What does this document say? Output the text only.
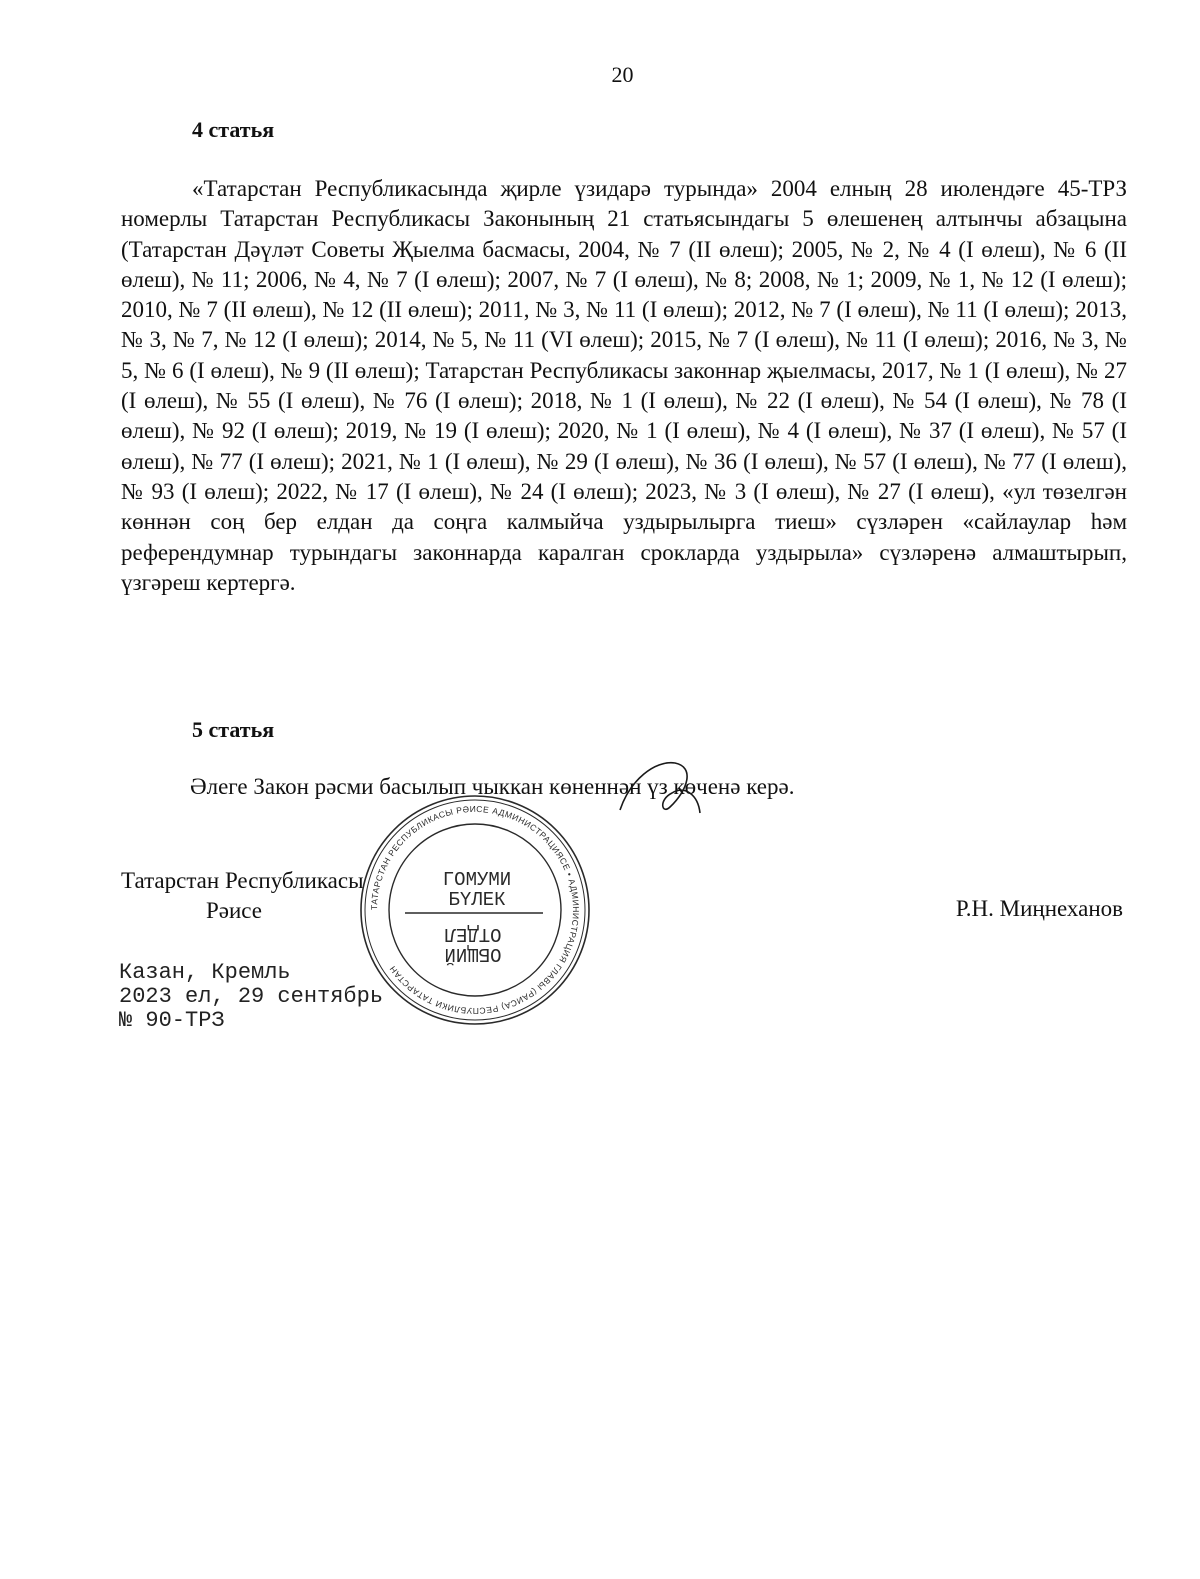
20
4 статья

«Татарстан Республикасында җирле үзидарә турында» 2004 елның 28 июлендәге 45-ТРЗ номерлы Татарстан Республикасы Законының 21 статьясындагы 5 өлешенең алтынчы абзацына (Татарстан Дәүләт Советы Җыелма басмасы, 2004, № 7 (II өлеш); 2005, № 2, № 4 (I өлеш), № 6 (II өлеш), № 11; 2006, № 4, № 7 (I өлеш); 2007, № 7 (I өлеш), № 8; 2008, № 1; 2009, № 1, № 12 (I өлеш); 2010, № 7 (II өлеш), № 12 (II өлеш); 2011, № 3, № 11 (I өлеш); 2012, № 7 (I өлеш), № 11 (I өлеш); 2013, № 3, № 7, № 12 (I өлеш); 2014, № 5, № 11 (VI өлеш); 2015, № 7 (I өлеш), № 11 (I өлеш); 2016, № 3, № 5, № 6 (I өлеш), № 9 (II өлеш); Татарстан Республикасы законнар җыелмасы, 2017, № 1 (I өлеш), № 27 (I өлеш), № 55 (I өлеш), № 76 (I өлеш); 2018, № 1 (I өлеш), № 22 (I өлеш), № 54 (I өлеш), № 78 (I өлеш), № 92 (I өлеш); 2019, № 19 (I өлеш); 2020, № 1 (I өлеш), № 4 (I өлеш), № 37 (I өлеш), № 57 (I өлеш), № 77 (I өлеш); 2021, № 1 (I өлеш), № 29 (I өлеш), № 36 (I өлеш), № 57 (I өлеш), № 77 (I өлеш), № 93 (I өлеш); 2022, № 17 (I өлеш), № 24 (I өлеш); 2023, № 3 (I өлеш), № 27 (I өлеш), «ул төзелгән көннән соң бер елдан да соңга калмыйча уздырылырга тиеш» сүзләрен «сайлаулар һәм референдумнар турындагы законнарда каралган срокларда уздырыла» сүзләренә алмаштырып, үзгәреш кертергә.

5 статья

Әлеге Закон рәсми басылып чыккан көненнән үз көченә керә.

Татарстан Республикасы
Рәисе	Р.Н. Миңнеханов
Казан, Кремль
2023 ел, 29 сентябрь
№ 90-ТРЗ
ТАТАРСТАН РЕСПУБЛИКАСЫ РӘИСЕ АДМИНИСТРАЦИЯСЕ • АДМИНИСТРАЦИЯ ГЛАВЫ (РАИСА) РЕСПУБЛИКИ ТАТАРСТАН
ГОМУМИ
БҮЛЕК
ОТДЕЛ
ОБЩИЙ
